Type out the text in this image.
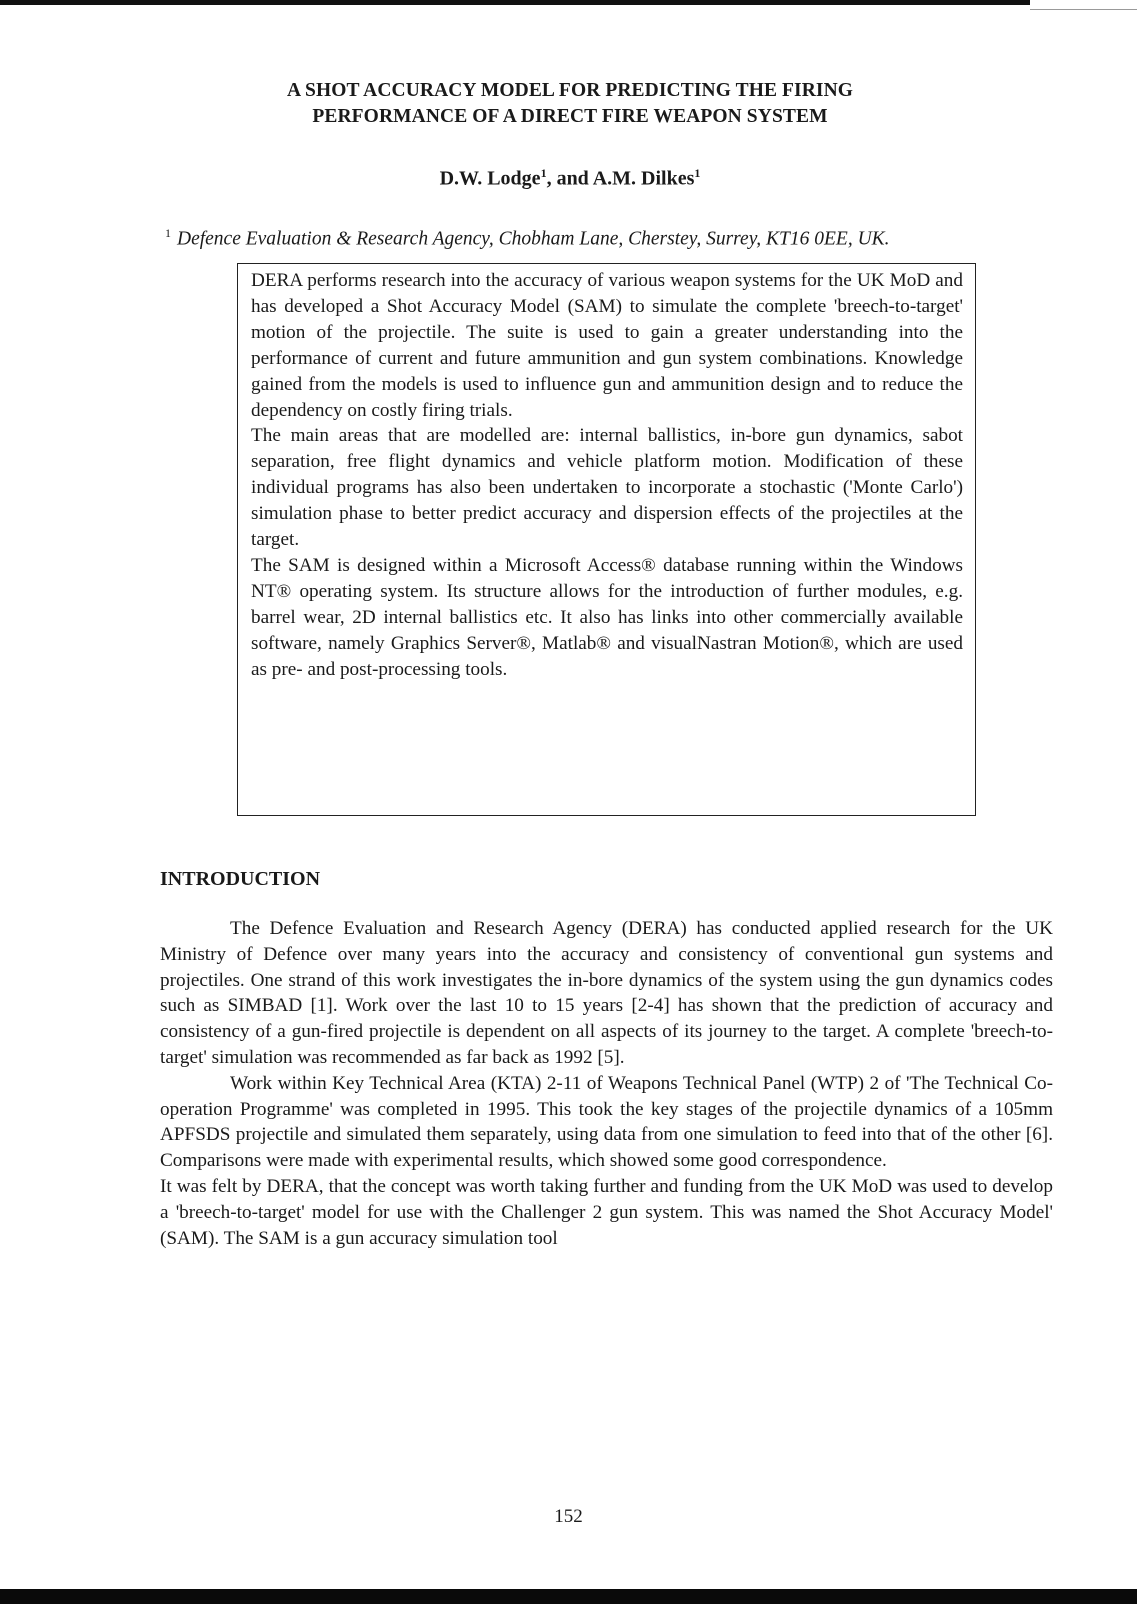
A SHOT ACCURACY MODEL FOR PREDICTING THE FIRING
PERFORMANCE OF A DIRECT FIRE WEAPON SYSTEM
D.W. Lodge$^1$, and A.M. Dilkes$^1$
$^1$ Defence Evaluation & Research Agency, Chobham Lane, Cherstey, Surrey, KT16 0EE, UK.

DERA performs research into the accuracy of various weapon systems for the UK MoD and has developed a Shot Accuracy Model (SAM) to simulate the complete 'breech-to-target' motion of the projectile. The suite is used to gain a greater understanding into the performance of current and future ammunition and gun system combinations. Knowledge gained from the models is used to influence gun and ammunition design and to reduce the dependency on costly firing trials.

The main areas that are modelled are: internal ballistics, in-bore gun dynamics, sabot separation, free flight dynamics and vehicle platform motion. Modification of these individual programs has also been undertaken to incorporate a stochastic ('Monte Carlo') simulation phase to better predict accuracy and dispersion effects of the projectiles at the target.

The SAM is designed within a Microsoft Access® database running within the Windows NT® operating system. Its structure allows for the introduction of further modules, e.g. barrel wear, 2D internal ballistics etc. It also has links into other commercially available software, namely Graphics Server®, Matlab® and visualNastran Motion®, which are used as pre- and post-processing tools.

INTRODUCTION

The Defence Evaluation and Research Agency (DERA) has conducted applied research for the UK Ministry of Defence over many years into the accuracy and consistency of conventional gun systems and projectiles. One strand of this work investigates the in-bore dynamics of the system using the gun dynamics codes such as SIMBAD [1]. Work over the last 10 to 15 years [2-4] has shown that the prediction of accuracy and consistency of a gun-fired projectile is dependent on all aspects of its journey to the target. A complete 'breech-to-target' simulation was recommended as far back as 1992 [5].

Work within Key Technical Area (KTA) 2-11 of Weapons Technical Panel (WTP) 2 of 'The Technical Co-operation Programme' was completed in 1995. This took the key stages of the projectile dynamics of a 105mm APFSDS projectile and simulated them separately, using data from one simulation to feed into that of the other [6]. Comparisons were made with experimental results, which showed some good correspondence.

It was felt by DERA, that the concept was worth taking further and funding from the UK MoD was used to develop a 'breech-to-target' model for use with the Challenger 2 gun system. This was named the Shot Accuracy Model' (SAM). The SAM is a gun accuracy simulation tool

152
